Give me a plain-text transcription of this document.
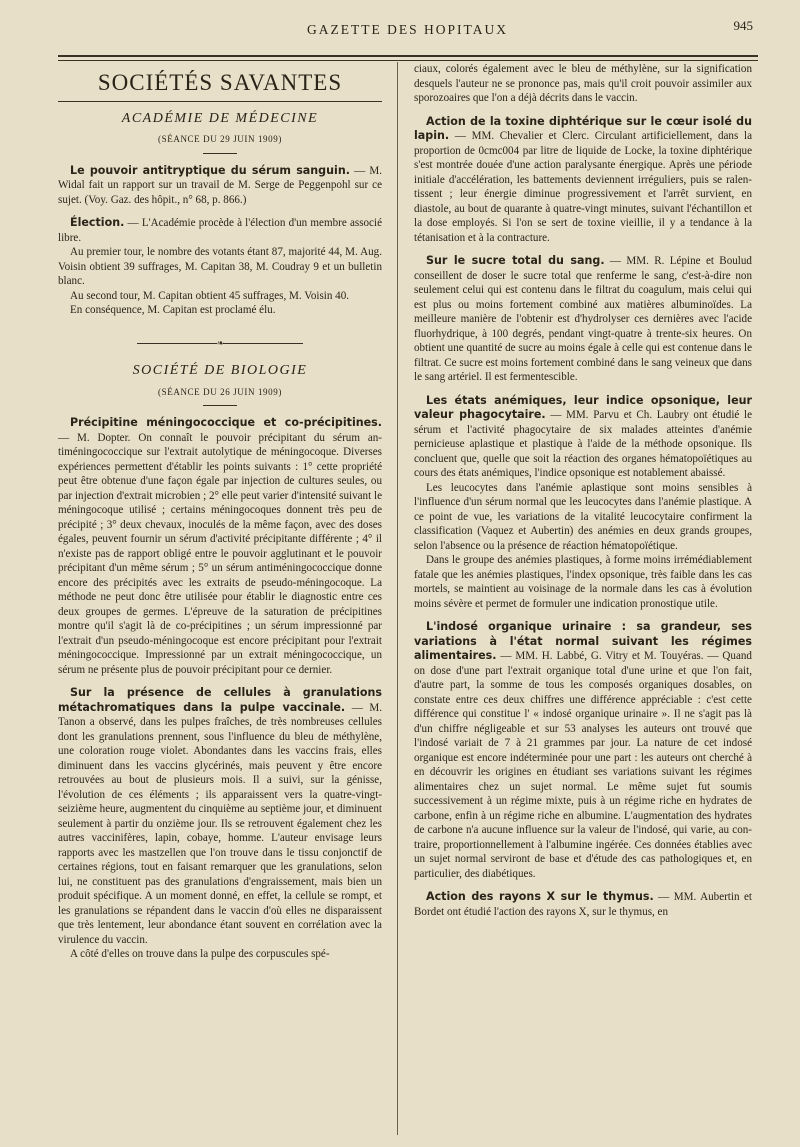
GAZETTE DES HOPITAUX	945
SOCIÉTÉS SAVANTES
ACADÉMIE DE MÉDECINE
(SÉANCE DU 29 JUIN 1909)

Le pouvoir antitryptique du sérum sanguin. — M. Widal fait un rapport sur un travail de M. Serge de Peggenpohl sur ce sujet. (Voy. Gaz. des hôpit., n° 68, p. 866.)

Élection. — L'Académie procède à l'élection d'un membre associé libre.

Au premier tour, le nombre des votants étant 87, majorité 44, M. Aug. Voisin obtient 39 suffrages, M. Capitan 38, M. Coudray 9 et un bulletin blanc.

Au second tour, M. Capitan obtient 45 suffrages, M. Voisin 40.

En conséquence, M. Capitan est proclamé élu.

❧
SOCIÉTÉ DE BIOLOGIE
(SÉANCE DU 26 JUIN 1909)

Précipitine méningococcique et co-précipitines. — M. Dopter. On connaît le pouvoir précipitant du sérum antiméningococcique sur l'extrait autolytique de méningocoque. Diverses expériences permettent d'établir les points suivants : 1° cette propriété peut être obtenue d'une façon égale par injection de cultures seules, ou par injection d'extrait microbien ; 2° elle peut varier d'intensité suivant le méningocoque utilisé ; certains méningocoques donnent très peu de précipité ; 3° deux chevaux, inoculés de la même façon, avec des doses égales, peuvent fournir un sérum d'activité précipitante différente ; 4° il n'existe pas de rapport obligé entre le pouvoir agglutinant et le pouvoir précipitant d'un même sérum ; 5° un sérum antiméningococcique donne encore des précipités avec les extraits de pseudo-méningocoque. La méthode ne peut donc être utilisée pour établir le diagnostic entre ces deux groupes de germes. L'épreuve de la saturation de précipitines montre qu'il s'agit là de co-précipitines ; un sérum impressionné par l'extrait d'un pseudo-méningocoque est encore précipitant pour l'extrait méningococcique. Impressionné par un extrait méningococcique, un sérum ne présente plus de pouvoir précipitant pour ce dernier.

Sur la présence de cellules à granulations métachromatiques dans la pulpe vaccinale. — M. Tanon a observé, dans les pulpes fraîches, de très nombreuses cellules dont les granulations prennent, sous l'influence du bleu de méthylène, une coloration rouge violet. Abondantes dans les vaccins frais, elles diminuent dans les vaccins glycérinés, mais peuvent y être encore retrouvées au bout de plusieurs mois. Il a suivi, sur la génisse, l'évolution de ces éléments ; ils apparaissent vers la quatre-vingt-seizième heure, augmentent du cinquième au septième jour, et diminuent seulement à partir du onzième jour. Ils se retrouvent également chez les autres vaccinifères, lapin, cobaye, homme. L'auteur envisage leurs rapports avec les mastzellen que l'on trouve dans le tissu conjonctif de certaines régions, tout en faisant remarquer que les granulations, selon lui, ne constituent pas des granulations d'engraissement, mais bien un produit spécifique. A un moment donné, en effet, la cellule se rompt, et les granulations se répandent dans le vaccin d'où elles ne disparaissent que très lentement, leur abondance étant souvent en corrélation avec la virulence du vaccin.

A côté d'elles on trouve dans la pulpe des corpuscules spé-

ciaux, colorés également avec le bleu de méthylène, sur la signification desquels l'auteur ne se prononce pas, mais qu'il croit pouvoir assimiler aux sporozoaires que l'on a déjà décrits dans le vaccin.

Action de la toxine diphtérique sur le cœur isolé du lapin. — MM. Chevalier et Clerc. Circulant artificiellement, dans la proportion de 0cmc004 par litre de liquide de Locke, la toxine diphtérique s'est montrée douée d'une action paralysante énergique. Après une période initiale d'accélération, les battements deviennent irréguliers, puis se ralentissent ; leur énergie diminue progressivement et l'arrêt survient, en diastole, au bout de quarante à quatre-vingt minutes, suivant l'échantillon et la dose employés. Si l'on se sert de toxine vieillie, il y a tendance à la tétanisation et à la contracture.

Sur le sucre total du sang. — MM. R. Lépine et Boulud conseillent de doser le sucre total que renferme le sang, c'est-à-dire non seulement celui qui est contenu dans le filtrat du coagulum, mais celui qui est plus ou moins fortement combiné aux matières albuminoïdes. La meilleure manière de l'obtenir est d'hydrolyser ces dernières avec l'acide fluorhydrique, à 100 degrés, pendant vingt-quatre à trente-six heures. On obtient une quantité de sucre au moins égale à celle qui est contenue dans le filtrat. Ce sucre est moins fortement combiné dans le sang veineux que dans le sang artériel. Il est fermentescible.

Les états anémiques, leur indice opsonique, leur valeur phagocytaire. — MM. Parvu et Ch. Laubry ont étudié le sérum et l'activité phagocytaire de six malades atteintes d'anémie pernicieuse aplastique et plastique à l'aide de la méthode opsonique. Ils concluent que, quelle que soit la réaction des organes hématopoïétiques au cours des états anémiques, l'indice opsonique est notablement abaissé.

Les leucocytes dans l'anémie aplastique sont moins sensibles à l'influence d'un sérum normal que les leucocytes dans l'anémie plastique. A ce point de vue, les variations de la vitalité leucocytaire confirment la classification (Vaquez et Aubertin) des anémies en deux grands groupes, selon l'absence ou la présence de réaction hématopoïétique.

Dans le groupe des anémies plastiques, à forme moins irrémédiablement fatale que les anémies plastiques, l'index opsonique, très faible dans les cas mortels, se maintient au voisinage de la normale dans les cas à évolution moins sévère et permet de formuler une indication pronostique utile.

L'indosé organique urinaire : sa grandeur, ses variations à l'état normal suivant les régimes alimentaires. — MM. H. Labbé, G. Vitry et M. Touyéras. — Quand on dose d'une part l'extrait organique total d'une urine et que l'on fait, d'autre part, la somme de tous les composés organiques dosables, on constate entre ces deux chiffres une différence appréciable : c'est cette différence qui constitue l' « indosé organique urinaire ». Il ne s'agit pas là d'un chiffre négligeable et sur 53 analyses les auteurs ont trouvé que l'indosé variait de 7 à 21 grammes par jour. La nature de cet indosé organique est encore indéterminée pour une part : les auteurs ont cherché à en découvrir les origines en étudiant ses variations suivant les régimes alimentaires chez un sujet normal. Le même sujet fut soumis successivement à un régime mixte, puis à un régime riche en hydrates de carbone, enfin à un régime riche en albumine. L'augmentation des hydrates de carbone n'a aucune influence sur la valeur de l'indosé, qui varie, au contraire, proportionnellement à l'albumine ingérée. Ces données établies avec un sujet normal serviront de base et d'étude des cas pathologiques et, en particulier, des diabétiques.

Action des rayons X sur le thymus. — MM. Aubertin et Bordet ont étudié l'action des rayons X, sur le thymus, en
